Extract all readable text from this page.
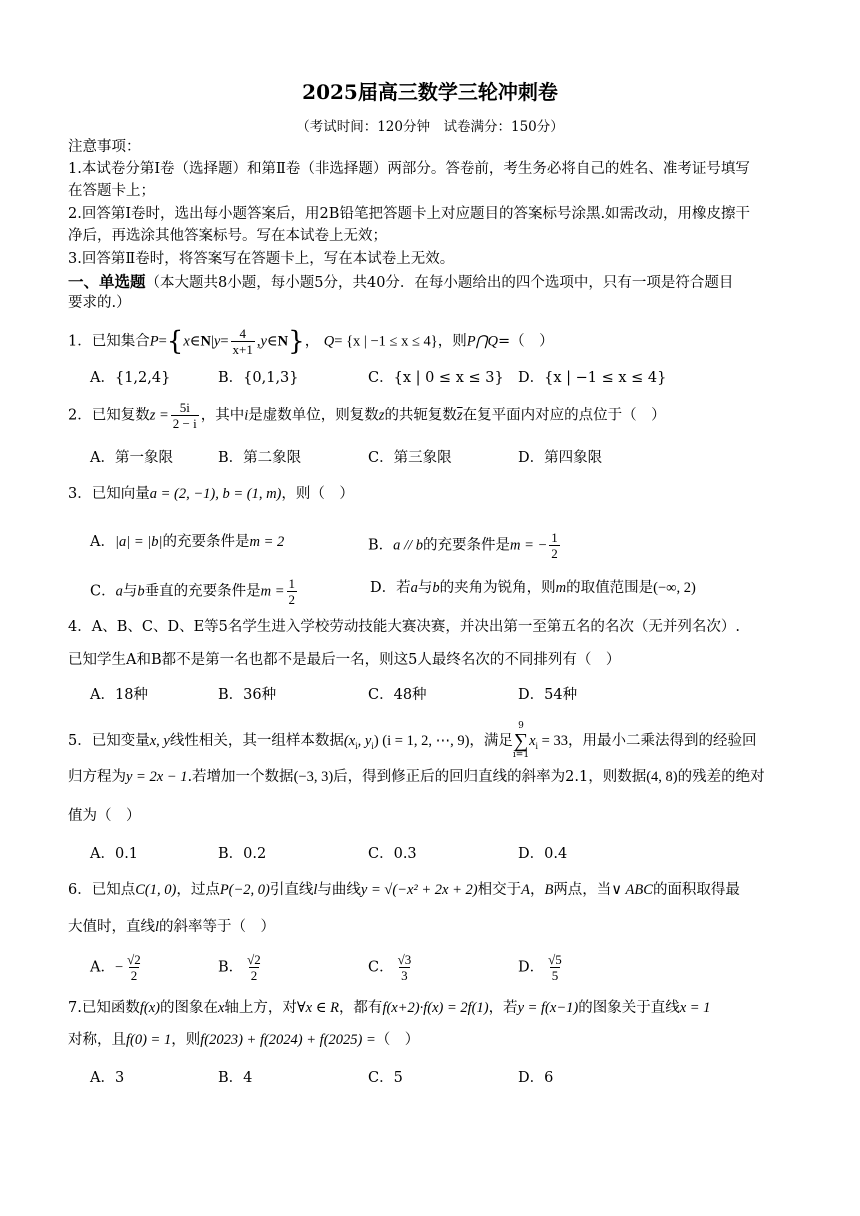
2025届高三数学三轮冲刺卷
（考试时间：120分钟　试卷满分：150分）
注意事项：
1.本试卷分第Ⅰ卷（选择题）和第Ⅱ卷（非选择题）两部分。答卷前，考生务必将自己的姓名、准考证号填写
在答题卡上；
2.回答第Ⅰ卷时，选出每小题答案后，用2B铅笔把答题卡上对应题目的答案标号涂黑.如需改动，用橡皮擦干
净后，再选涂其他答案标号。写在本试卷上无效；
3.回答第Ⅱ卷时，将答案写在答题卡上，写在本试卷上无效。
一、单选题（本大题共8小题，每小题5分，共40分．在每小题给出的四个选项中，只有一项是符合题目
要求的.）
1．已知集合P={x∈N|y= $\frac{4}{x+1}$ ,y∈N}， Q= {x | −1 ≤ x ≤ 4}，则P⋂Q=（　）
A．{1,2,4}	B．{0,1,3}	C．{x | 0 ≤ x ≤ 3} D．{x | −1 ≤ x ≤ 4}
2．已知复数$z = \frac{5i}{2 - i}$ ，其中i是虚数单位，则复数z的共轭复数$\overline{z}$在复平面内对应的点位于（　）
A．第一象限	B．第二象限	C．第三象限	D．第四象限
3．已知向量a = (2, −1), b = (1, m)，则（　）
A．|a| = |b|的充要条件是m = 2	B．a // b的充要条件是m = − $\frac{1}{2}$
C．a与b垂直的充要条件是$m = \frac{1}{2}$	D．若a与b的夹角为锐角，则m的取值范围是(−∞, 2)
4．A、B、C、D、E等5名学生进入学校劳动技能大赛决赛，并决出第一至第五名的名次（无并列名次）.
已知学生A和B都不是第一名也都不是最后一名，则这5人最终名次的不同排列有（　）
A．18种	B．36种	C．48种	D．54种
5．已知变量x, y线性相关，其一组样本数据($x_i$, $y_i$) (i = 1, 2, ⋯, 9)，满足
9
∑
i=1
$x_i = 33$，用最小二乘法得到的经验回
归方程为y = 2x − 1.若增加一个数据(−3, 3)后，得到修正后的回归直线的斜率为2.1，则数据(4, 8)的残差的绝对
值为（　）
A．0.1	B．0.2	C．0.3	D．0.4
6．已知点C(1, 0)，过点P(−2, 0)引直线l与曲线y = √(−x² + 2x + 2)相交于A，B两点，当∨ ABC的面积取得最
大值时，直线l的斜率等于（　）
A．− $\frac{√2}{2}$	B． $\frac{√2}{2}$	C． $\frac{√3}{3}$	D． $\frac{√5}{5}$
7.已知函数f(x)的图象在x轴上方，对∀x ∈ R，都有f(x+2)·f(x) = 2f(1)，若y = f(x−1)的图象关于直线x = 1
对称，且f(0) = 1，则f(2023) + f(2024) + f(2025) =（　）
A．3	B．4	C．5	D．6
